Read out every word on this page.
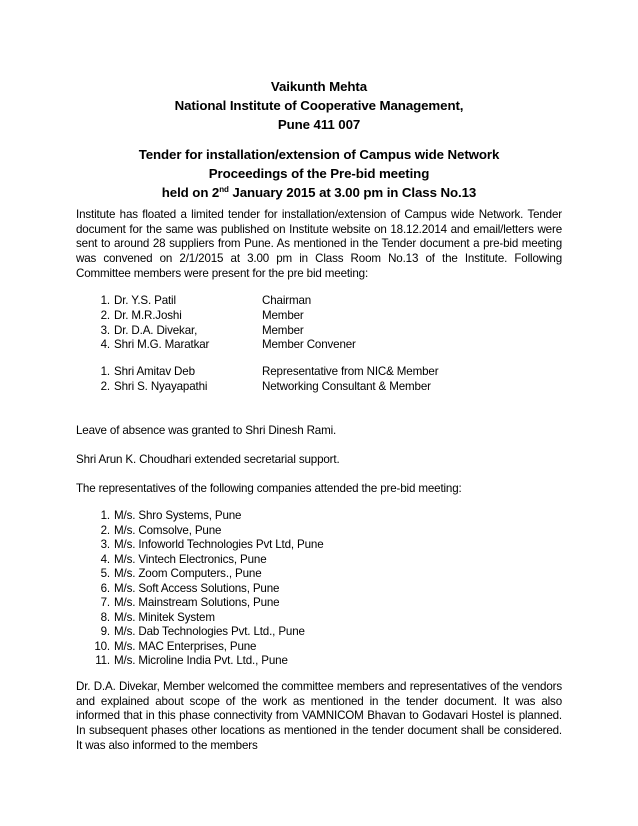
Vaikunth Mehta
National Institute of Cooperative Management,
Pune 411 007
Tender for installation/extension of Campus wide Network
Proceedings of the Pre-bid meeting
held on 2nd January 2015 at 3.00 pm in Class No.13

Institute has floated a limited tender for installation/extension of Campus wide Network. Tender document for the same was published on Institute website on 18.12.2014 and email/letters were sent to around 28 suppliers from Pune. As mentioned in the Tender document a pre-bid meeting was convened on 2/1/2015 at 3.00 pm in Class Room No.13 of the Institute. Following Committee members were present for the pre bid meeting:

1. Dr. Y.S. Patil	Chairman
2. Dr. M.R.Joshi	Member
3. Dr. D.A. Divekar,	Member
4. Shri M.G. Maratkar	Member Convener
1. Shri Amitav Deb	Representative from NIC& Member
2. Shri S. Nyayapathi	Networking Consultant & Member

Leave of absence was granted to Shri Dinesh Rami.

Shri Arun K. Choudhari extended secretarial support.

The representatives of the following companies attended the pre-bid meeting:

1. M/s. Shro Systems, Pune
2. M/s. Comsolve, Pune
3. M/s. Infoworld Technologies Pvt Ltd, Pune
4. M/s. Vintech Electronics, Pune
5. M/s. Zoom Computers., Pune
6. M/s. Soft Access Solutions, Pune
7. M/s. Mainstream Solutions, Pune
8. M/s. Minitek System
9. M/s. Dab Technologies Pvt. Ltd., Pune
10. M/s. MAC Enterprises, Pune
11. M/s. Microline India Pvt. Ltd., Pune

Dr. D.A. Divekar, Member welcomed the committee members and representatives of the vendors and explained about scope of the work as mentioned in the tender document. It was also informed that in this phase connectivity from VAMNICOM Bhavan to Godavari Hostel is planned. In subsequent phases other locations as mentioned in the tender document shall be considered. It was also informed to the members
